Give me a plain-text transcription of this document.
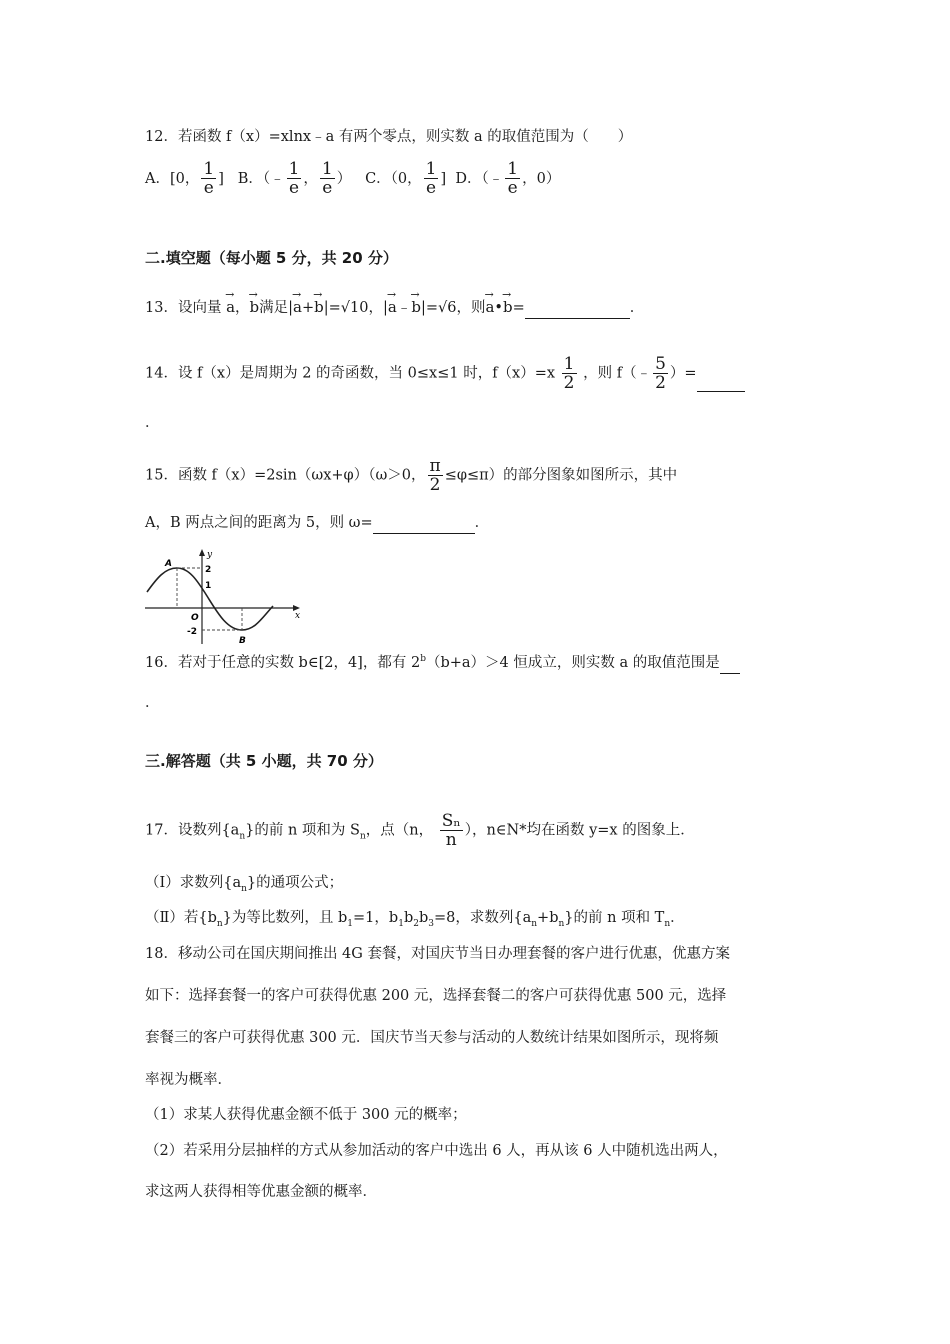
12．若函数 f（x）=xlnx﹣a 有两个零点，则实数 a 的取值范围为（　　）
A．[0， $\frac{1}{e}$ ] B．（﹣ $\frac{1}{e}$ ， $\frac{1}{e}$ ） C．（0， $\frac{1}{e}$ ] D．（﹣ $\frac{1}{e}$ ，0）
二.填空题（每小题 5 分，共 20 分）
13．设向量 → a，→ b满足|→ a+→ b|=√10，|→ a﹣→ b|=√6，则→ a•→ b=	．
14．设 f（x）是周期为 2 的奇函数，当 0≤x≤1 时，$f(x)=x \frac{1}{2}$ ，则 f（﹣ $\frac{5}{2}$ ）=
．
15．函数 f（x）=2sin（ωx+φ）（ω＞0， $\frac{\pi}{2} \le\varphi\le\pi$）的部分图象如图所示，其中
A，B 两点之间的距离为 5，则 ω=	．
y
x
O
2
1
-2
A
B
16．若对于任意的实数 b∈[2，4]，都有 $2^b(b+a)>4$ 恒成立，则实数 a 的取值范围是
．
三.解答题（共 5 小题，共 70 分）
17．设数列$\{a_n\}$的前 n 项和为 $S_n$，点（n， $\frac{\text{Sₙ}}{n}$ ），n∈N*均在函数 y=x 的图象上．
（Ⅰ）求数列$\{a_n\}$的通项公式；
（Ⅱ）若$\{b_n\}$为等比数列，且 $b_1=1$，$b_1b_2b_3=8$，求数列$\{a_n+b_n\}$的前 n 项和 $T_n$．
18．移动公司在国庆期间推出 4G 套餐，对国庆节当日办理套餐的客户进行优惠，优惠方案
如下：选择套餐一的客户可获得优惠 200 元，选择套餐二的客户可获得优惠 500 元，选择
套餐三的客户可获得优惠 300 元．国庆节当天参与活动的人数统计结果如图所示，现将频
率视为概率．
（1）求某人获得优惠金额不低于 300 元的概率；
（2）若采用分层抽样的方式从参加活动的客户中选出 6 人，再从该 6 人中随机选出两人，
求这两人获得相等优惠金额的概率．
